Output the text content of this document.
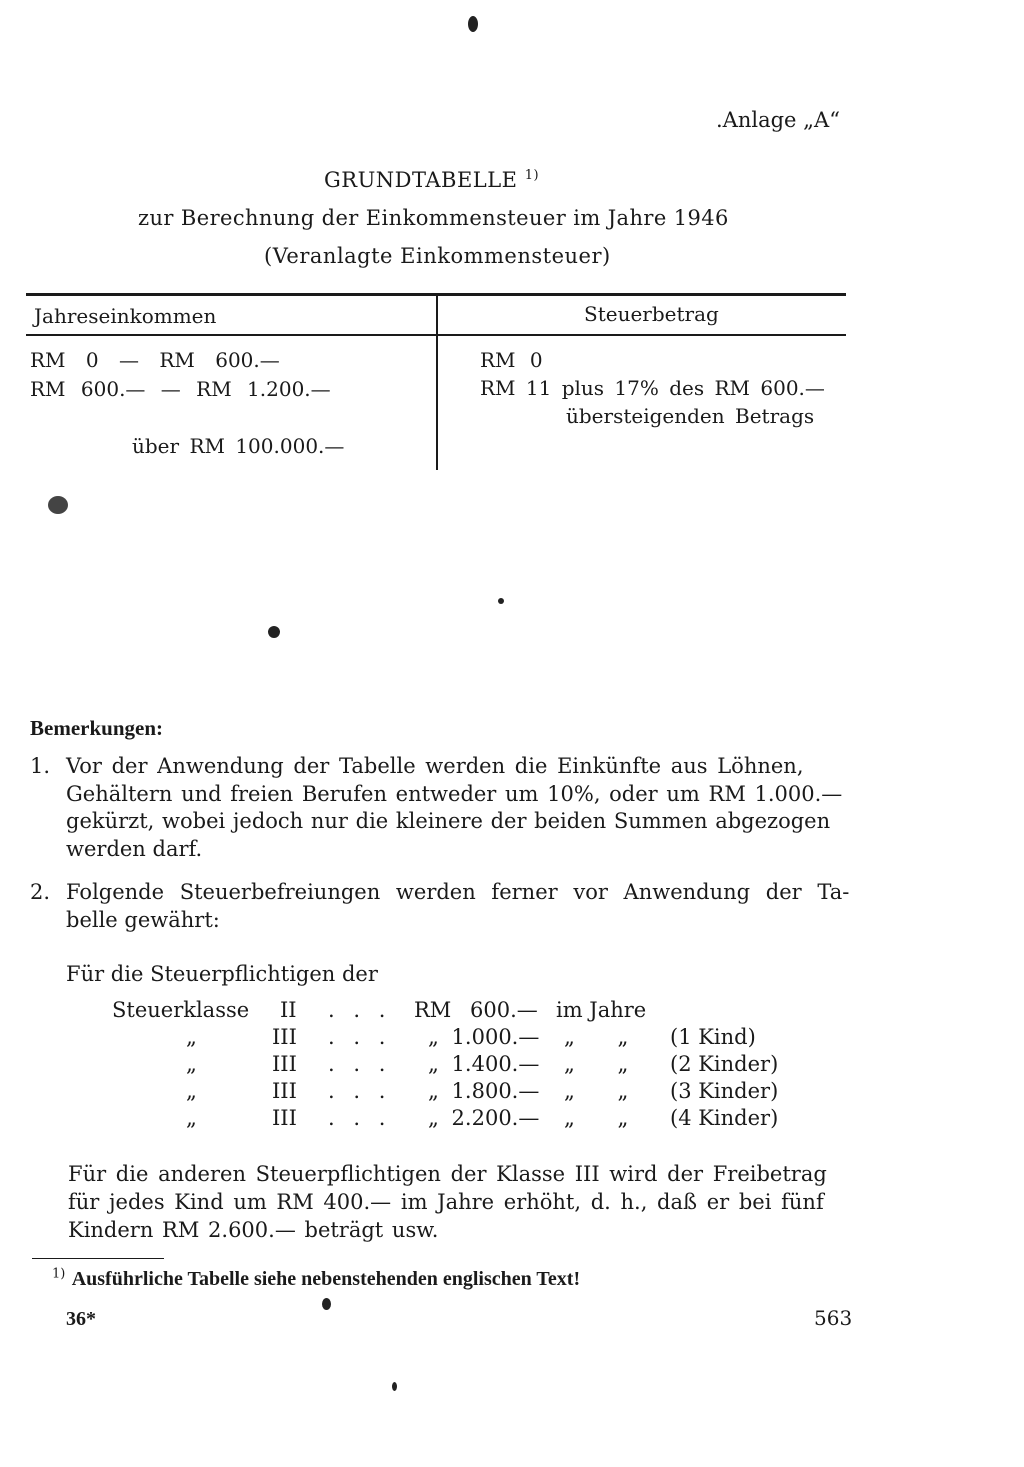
.Anlage „A“
GRUNDTABELLE $^{1)}$
zur Berechnung der Einkommensteuer im Jahre 1946
(Veranlagte Einkommensteuer)
Jahreseinkommen	Steuerbetrag
RM 0 — RM 600.—	RM 0
RM 600.— — RM 1.200.—	RM 11 plus 17% des RM 600.—
übersteigenden Betrags
über RM 100.000.—
Bemerkungen:
1. Vor der Anwendung der Tabelle werden die Einkünfte aus Löhnen,
Gehältern und freien Berufen entweder um 10%, oder um RM 1.000.—
gekürzt, wobei jedoch nur die kleinere der beiden Summen abgezogen
werden darf.
2. Folgende Steuerbefreiungen werden ferner vor Anwendung der Ta-
belle gewährt:
Für die Steuerpflichtigen der
Steuerklasse II . . . RM 600.— im Jahre
„	III . . . „ 1.000.— „ „ (1 Kind)
„	III . . . „ 1.400.— „ „ (2 Kinder)
„	III . . . „ 1.800.— „ „ (3 Kinder)
„	III . . . „ 2.200.— „ „ (4 Kinder)
Für die anderen Steuerpflichtigen der Klasse III wird der Freibetrag
für jedes Kind um RM 400.— im Jahre erhöht, d. h., daß er bei fünf
Kindern RM 2.600.— beträgt usw.
$^{1)}$ Ausführliche Tabelle siehe nebenstehenden englischen Text!
36*	563
